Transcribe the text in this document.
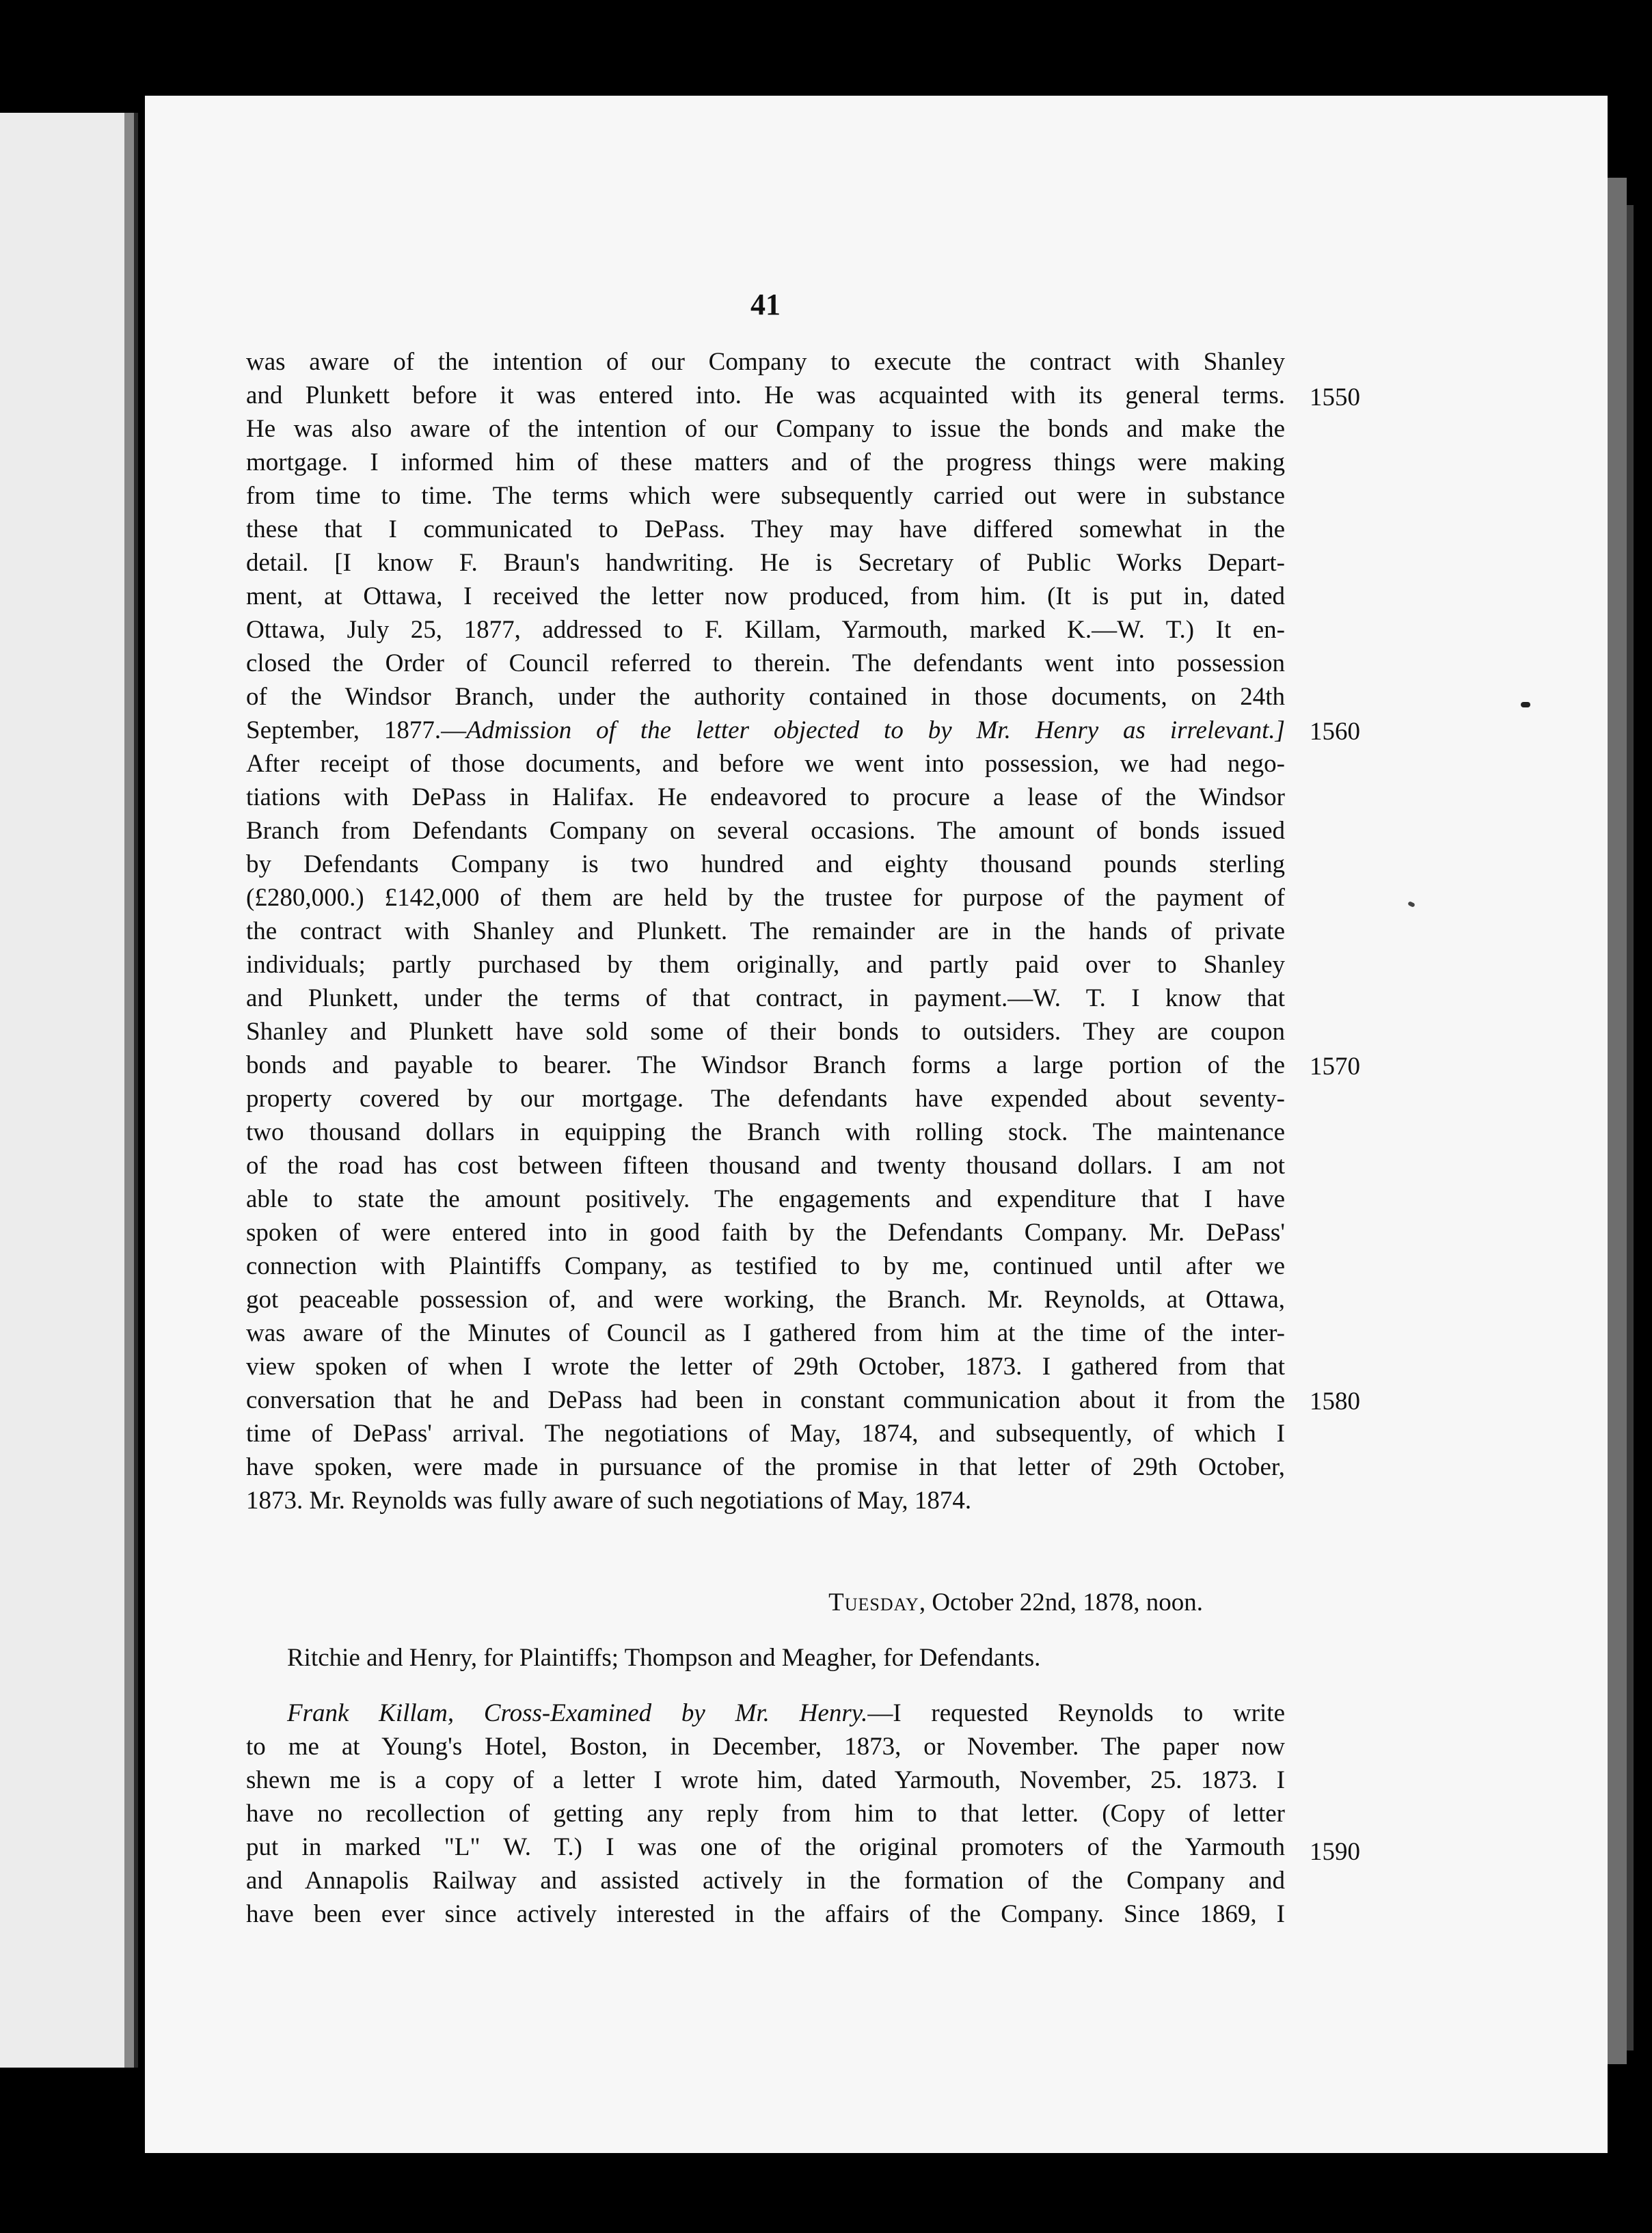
41
was aware of the intention of our Company to execute the contract with Shanley
and Plunkett before it was entered into. He was acquainted with its general terms.
He was also aware of the intention of our Company to issue the bonds and make the
mortgage. I informed him of these matters and of the progress things were making
from time to time. The terms which were subsequently carried out were in substance
these that I communicated to DePass. They may have differed somewhat in the
detail. [I know F. Braun's handwriting. He is Secretary of Public Works Depart-
ment, at Ottawa, I received the letter now produced, from him. (It is put in, dated
Ottawa, July 25, 1877, addressed to F. Killam, Yarmouth, marked K.—W. T.) It en-
closed the Order of Council referred to therein. The defendants went into possession
of the Windsor Branch, under the authority contained in those documents, on 24th
September, 1877.—Admission of the letter objected to by Mr. Henry as irrelevant.]
After receipt of those documents, and before we went into possession, we had nego-
tiations with DePass in Halifax. He endeavored to procure a lease of the Windsor
Branch from Defendants Company on several occasions. The amount of bonds issued
by Defendants Company is two hundred and eighty thousand pounds sterling
(£280,000.) £142,000 of them are held by the trustee for purpose of the payment of
the contract with Shanley and Plunkett. The remainder are in the hands of private
individuals; partly purchased by them originally, and partly paid over to Shanley
and Plunkett, under the terms of that contract, in payment.—W. T. I know that
Shanley and Plunkett have sold some of their bonds to outsiders. They are coupon
bonds and payable to bearer. The Windsor Branch forms a large portion of the
property covered by our mortgage. The defendants have expended about seventy-
two thousand dollars in equipping the Branch with rolling stock. The maintenance
of the road has cost between fifteen thousand and twenty thousand dollars. I am not
able to state the amount positively. The engagements and expenditure that I have
spoken of were entered into in good faith by the Defendants Company. Mr. DePass'
connection with Plaintiffs Company, as testified to by me, continued until after we
got peaceable possession of, and were working, the Branch. Mr. Reynolds, at Ottawa,
was aware of the Minutes of Council as I gathered from him at the time of the inter-
view spoken of when I wrote the letter of 29th October, 1873. I gathered from that
conversation that he and DePass had been in constant communication about it from the
time of DePass' arrival. The negotiations of May, 1874, and subsequently, of which I
have spoken, were made in pursuance of the promise in that letter of 29th October,
1873. Mr. Reynolds was fully aware of such negotiations of May, 1874.
Tuesday, October 22nd, 1878, noon.
Ritchie and Henry, for Plaintiffs; Thompson and Meagher, for Defendants.
Frank Killam, Cross-Examined by Mr. Henry.—I requested Reynolds to write
to me at Young's Hotel, Boston, in December, 1873, or November. The paper now
shewn me is a copy of a letter I wrote him, dated Yarmouth, November, 25. 1873. I
have no recollection of getting any reply from him to that letter. (Copy of letter
put in marked "L" W. T.) I was one of the original promoters of the Yarmouth
and Annapolis Railway and assisted actively in the formation of the Company and
have been ever since actively interested in the affairs of the Company. Since 1869, I
1550
1560
1570
1580
1590
